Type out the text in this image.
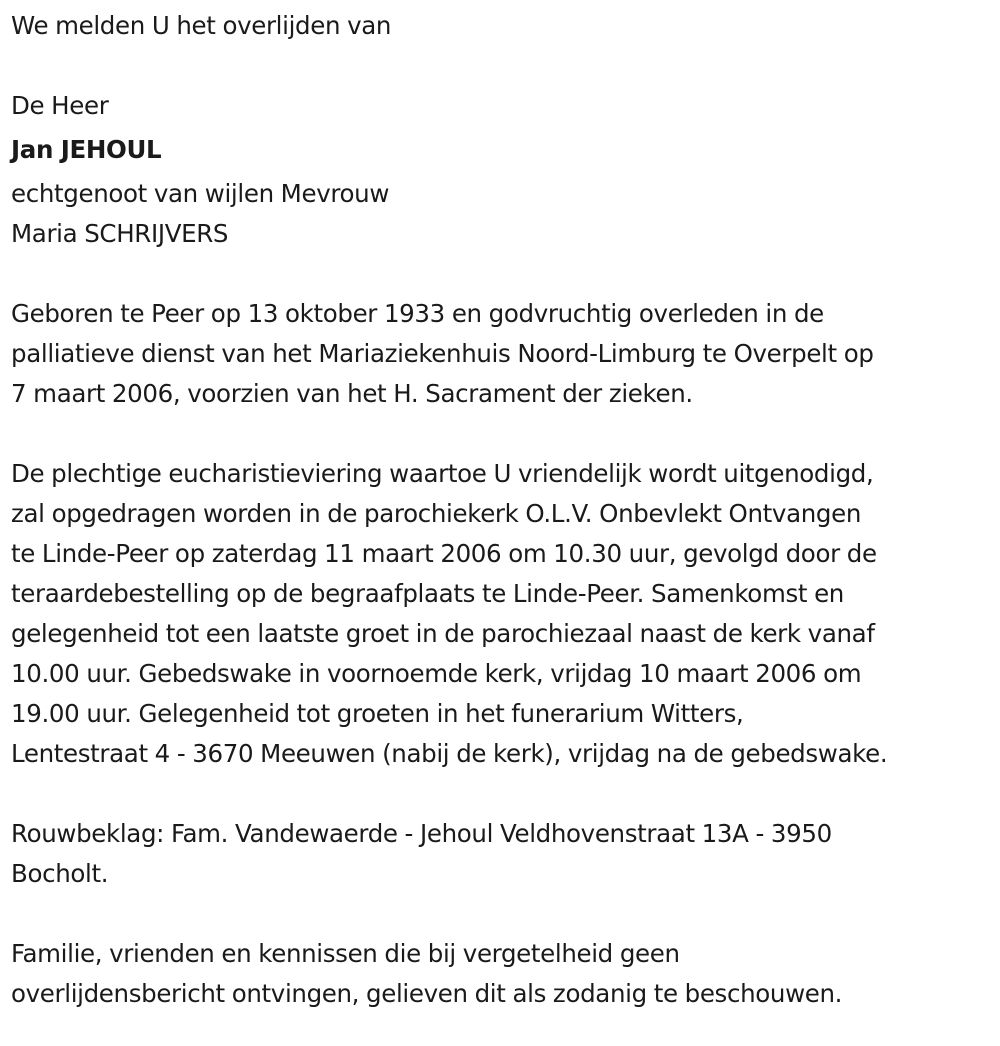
We melden U het overlijden van
De Heer
Jan JEHOUL
echtgenoot van wijlen Mevrouw
Maria SCHRIJVERS
Geboren te Peer op 13 oktober 1933 en godvruchtig overleden in de
palliatieve dienst van het Mariaziekenhuis Noord-Limburg te Overpelt op
7 maart 2006, voorzien van het H. Sacrament der zieken.
De plechtige eucharistieviering waartoe U vriendelijk wordt uitgenodigd,
zal opgedragen worden in de parochiekerk O.L.V. Onbevlekt Ontvangen
te Linde-Peer op zaterdag 11 maart 2006 om 10.30 uur, gevolgd door de
teraardebestelling op de begraafplaats te Linde-Peer. Samenkomst en
gelegenheid tot een laatste groet in de parochiezaal naast de kerk vanaf
10.00 uur. Gebedswake in voornoemde kerk, vrijdag 10 maart 2006 om
19.00 uur. Gelegenheid tot groeten in het funerarium Witters,
Lentestraat 4 - 3670 Meeuwen (nabij de kerk), vrijdag na de gebedswake.
Rouwbeklag: Fam. Vandewaerde - Jehoul Veldhovenstraat 13A - 3950
Bocholt.
Familie, vrienden en kennissen die bij vergetelheid geen
overlijdensbericht ontvingen, gelieven dit als zodanig te beschouwen.
